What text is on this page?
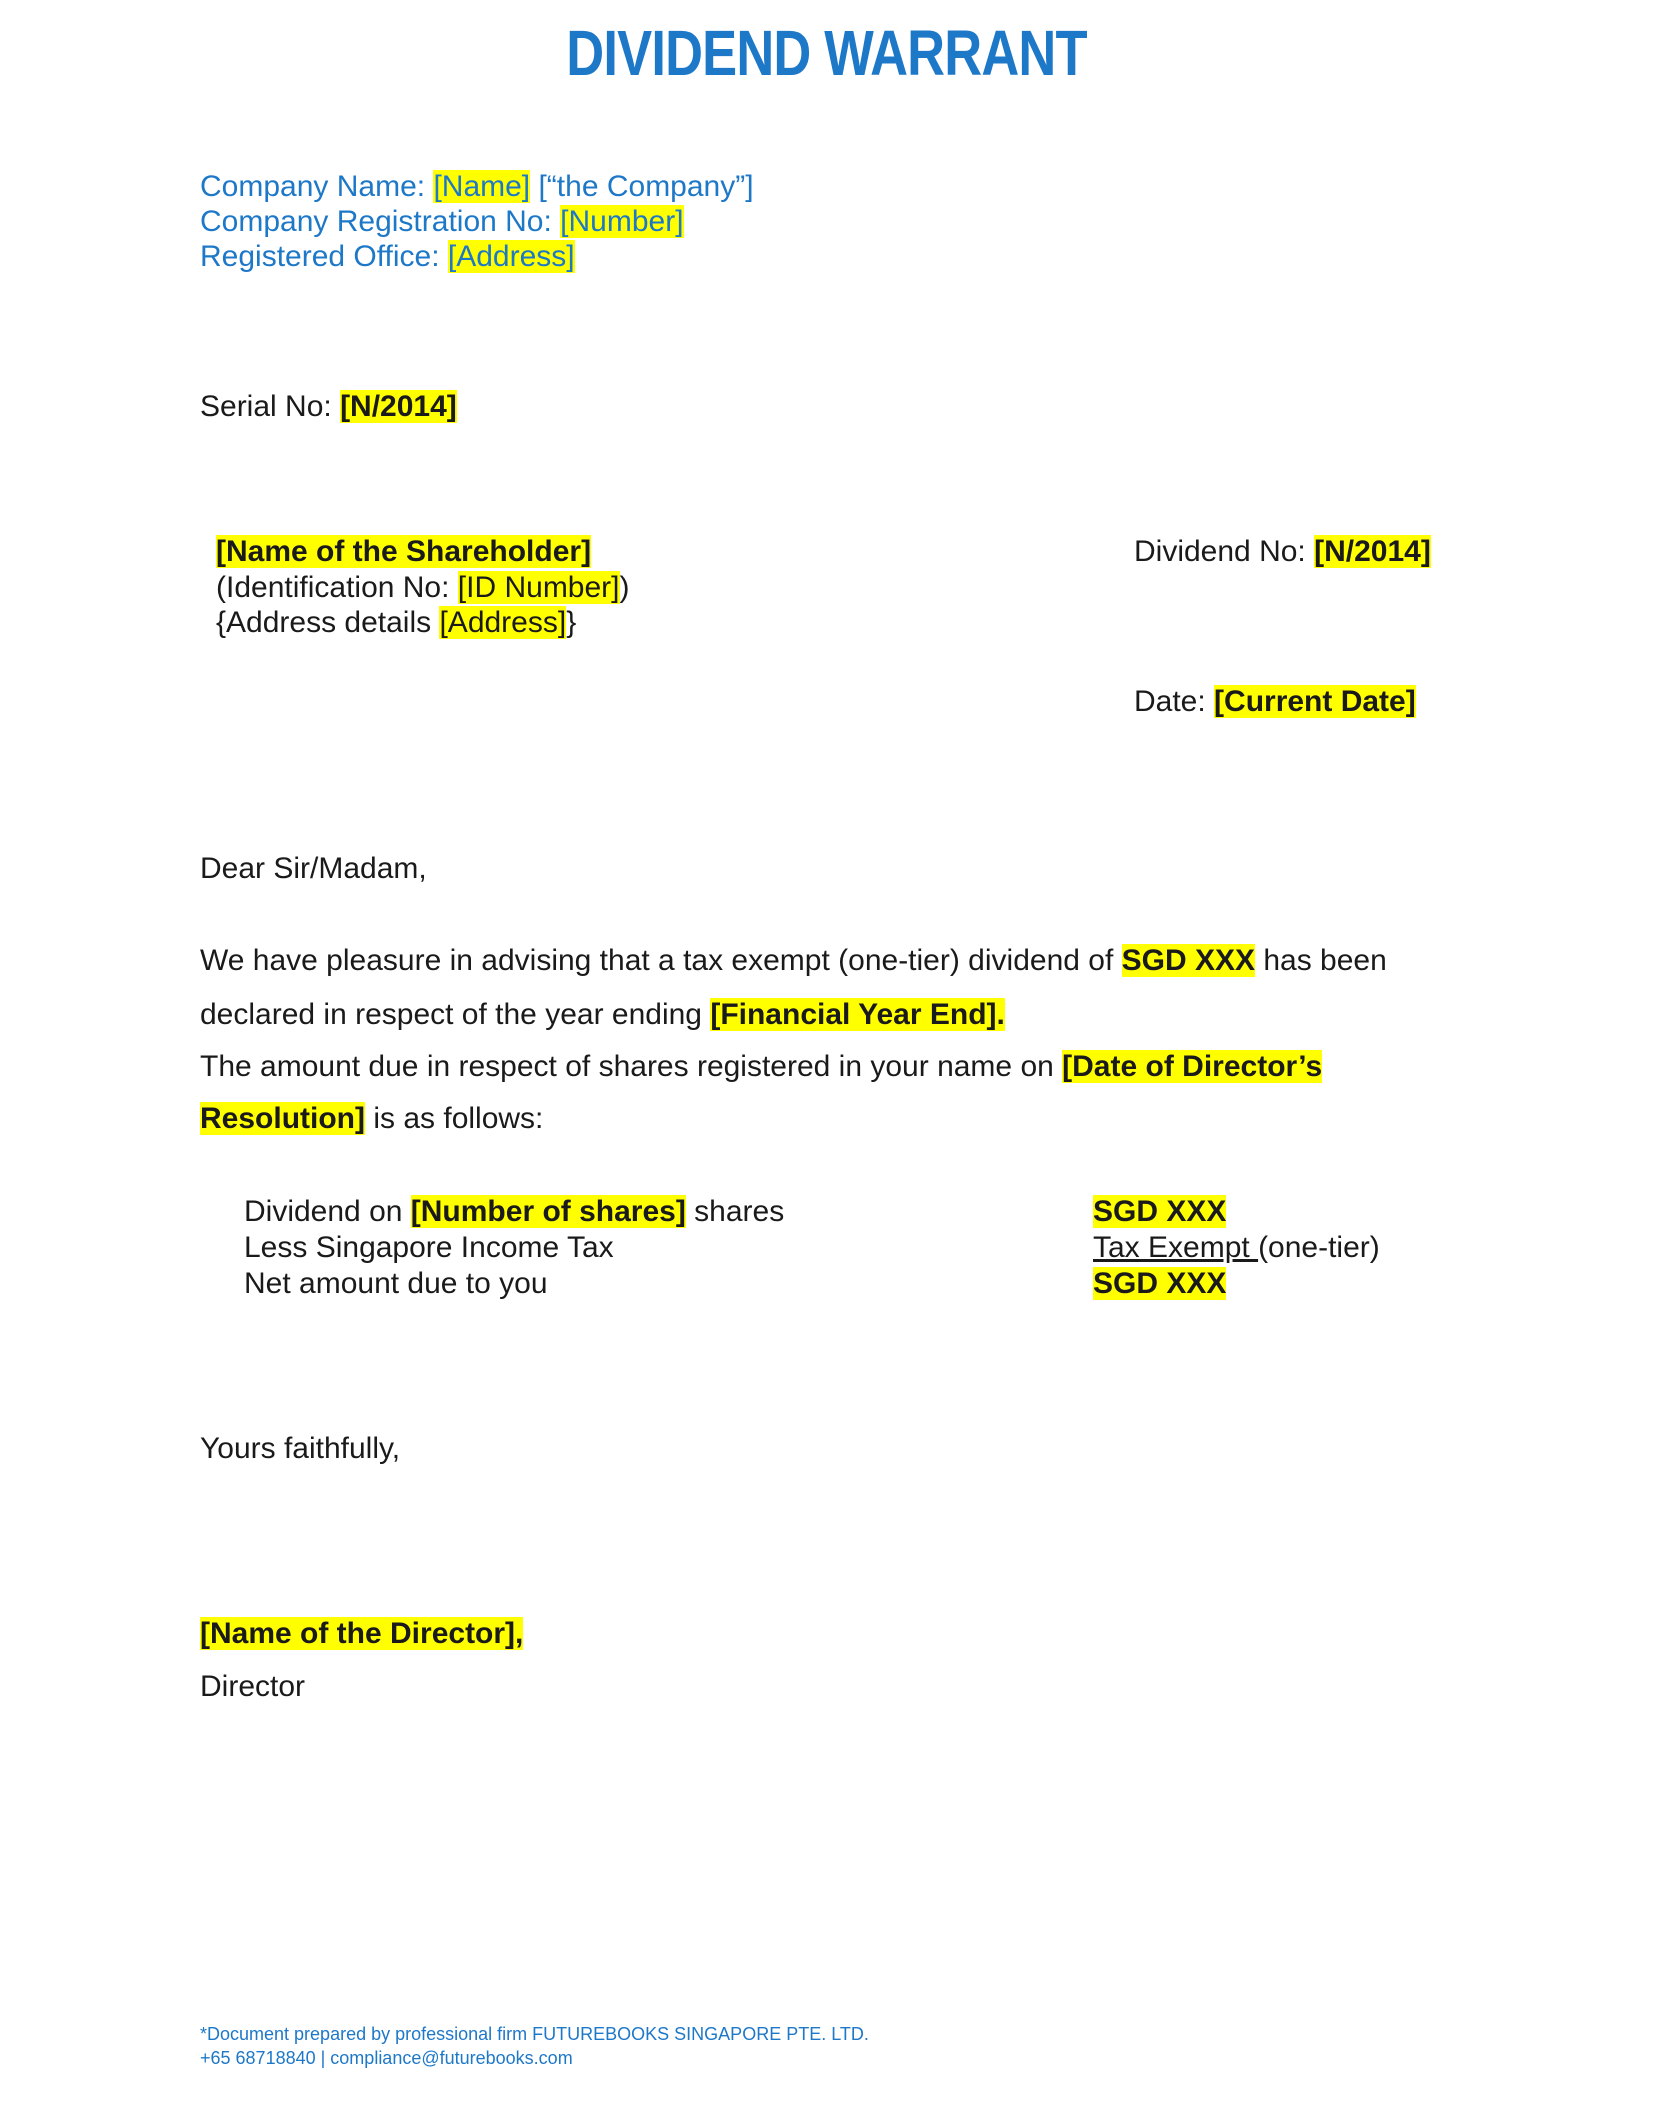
DIVIDEND WARRANT
Company Name: [Name] [“the Company”]
Company Registration No: [Number]
Registered Office: [Address]
Serial No: [N/2014]
[Name of the Shareholder]
(Identification No: [ID Number])
{Address details [Address]}
Dividend No: [N/2014]
Date: [Current Date]
Dear Sir/Madam,
We have pleasure in advising that a tax exempt (one-tier) dividend of SGD XXX has been
declared in respect of the year ending [Financial Year End].
The amount due in respect of shares registered in your name on [Date of Director’s
Resolution] is as follows:
Dividend on [Number of shares] shares	SGD XXX
Less Singapore Income Tax	Tax Exempt (one-tier)
Net amount due to you	SGD XXX
Yours faithfully,
[Name of the Director],
Director
*Document prepared by professional firm FUTUREBOOKS SINGAPORE PTE. LTD.
+65 68718840 | compliance@futurebooks.com
